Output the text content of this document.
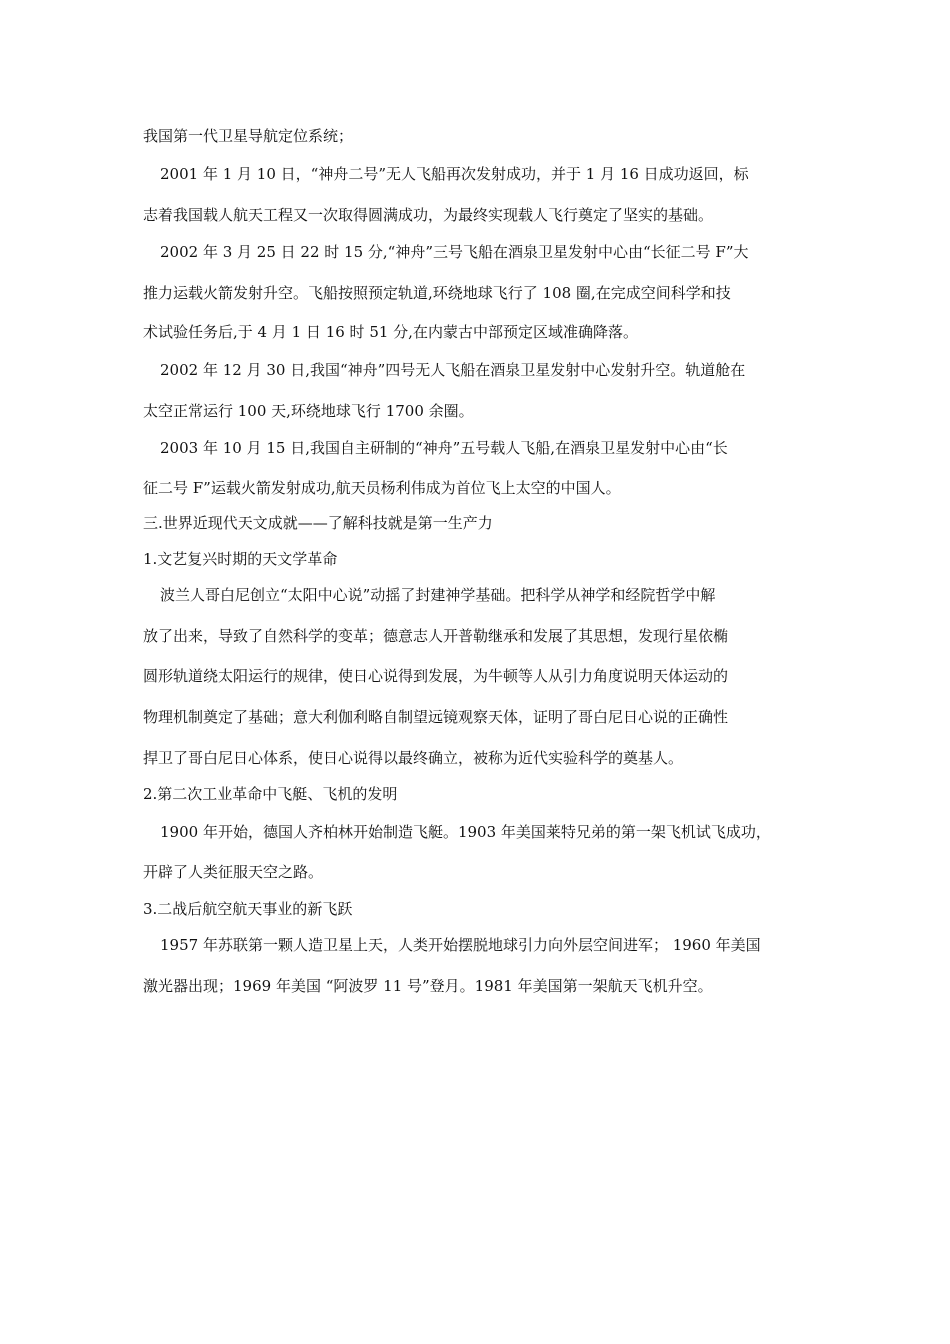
我国第一代卫星导航定位系统；
2001 年 1 月 10 日，“神舟二号”无人飞船再次发射成功，并于 1 月 16 日成功返回，标
志着我国载人航天工程又一次取得圆满成功，为最终实现载人飞行奠定了坚实的基础。
2002 年 3 月 25 日 22 时 15 分,“神舟”三号飞船在酒泉卫星发射中心由“长征二号 F”大
推力运载火箭发射升空。飞船按照预定轨道,环绕地球飞行了 108 圈,在完成空间科学和技
术试验任务后,于 4 月 1 日 16 时 51 分,在内蒙古中部预定区域准确降落。
2002 年 12 月 30 日,我国“神舟”四号无人飞船在酒泉卫星发射中心发射升空。轨道舱在
太空正常运行 100 天,环绕地球飞行 1700 余圈。
2003 年 10 月 15 日,我国自主研制的“神舟”五号载人飞船,在酒泉卫星发射中心由“长
征二号 F”运载火箭发射成功,航天员杨利伟成为首位飞上太空的中国人。
三.世界近现代天文成就——了解科技就是第一生产力
1.文艺复兴时期的天文学革命
波兰人哥白尼创立“太阳中心说”动摇了封建神学基础。把科学从神学和经院哲学中解
放了出来，导致了自然科学的变革；德意志人开普勒继承和发展了其思想，发现行星依椭
圆形轨道绕太阳运行的规律，使日心说得到发展，为牛顿等人从引力角度说明天体运动的
物理机制奠定了基础；意大利伽利略自制望远镜观察天体，证明了哥白尼日心说的正确性
捍卫了哥白尼日心体系，使日心说得以最终确立，被称为近代实验科学的奠基人。
2.第二次工业革命中飞艇、飞机的发明
1900 年开始，德国人齐柏林开始制造飞艇。1903 年美国莱特兄弟的第一架飞机试飞成功，
开辟了人类征服天空之路。
3.二战后航空航天事业的新飞跃
1957 年苏联第一颗人造卫星上天，人类开始摆脱地球引力向外层空间进军； 1960 年美国
激光器出现；1969 年美国 “阿波罗 11 号”登月。1981 年美国第一架航天飞机升空。
